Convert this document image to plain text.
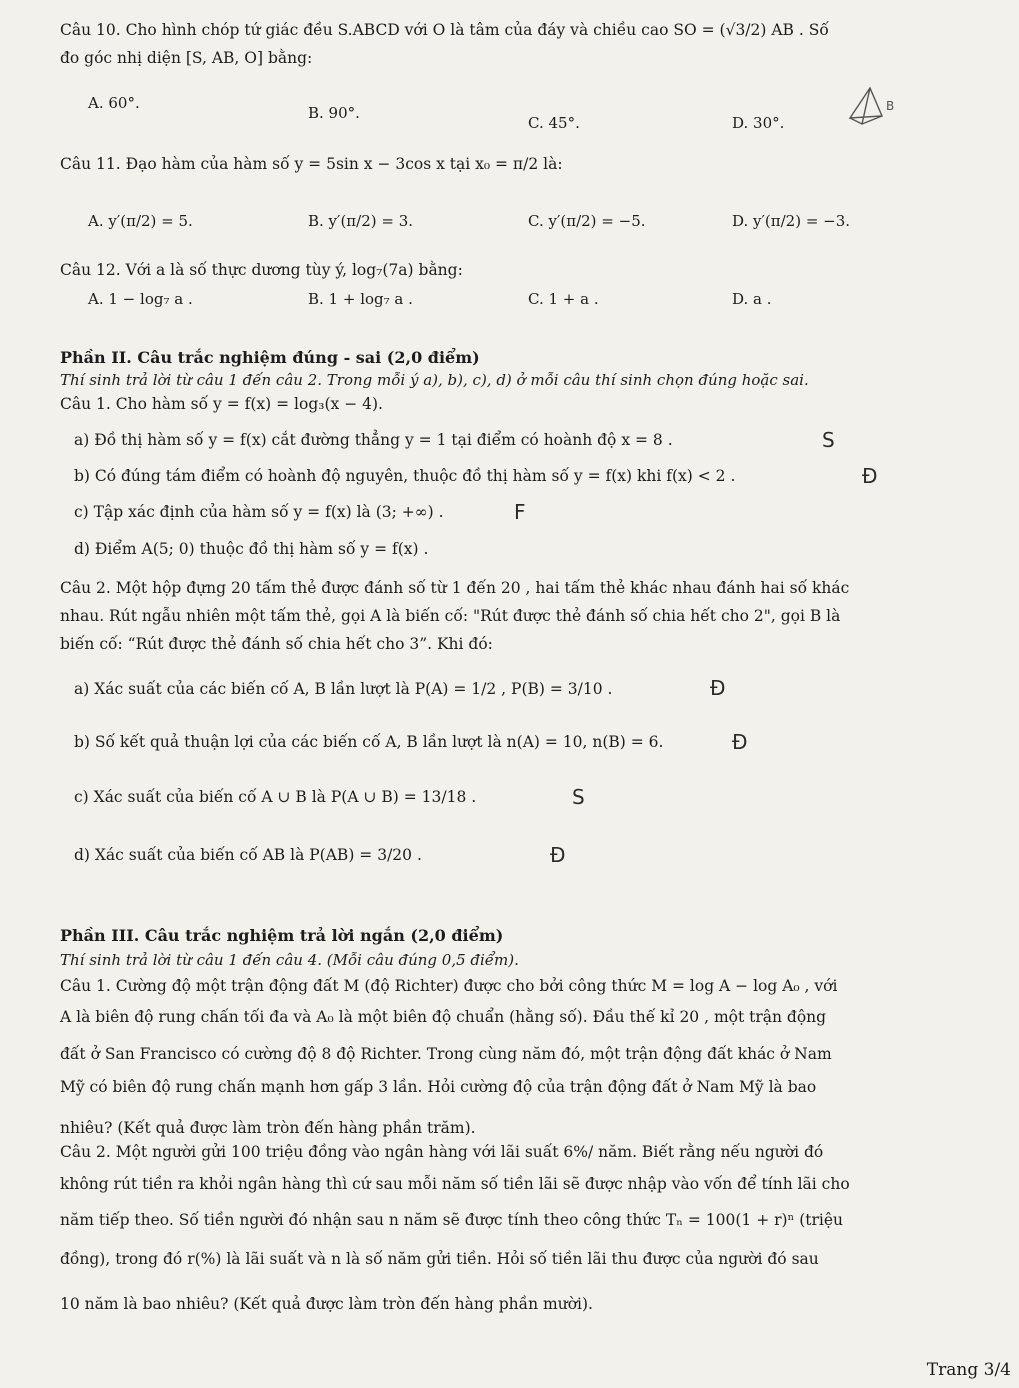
Câu 10. Cho hình chóp tứ giác đều S.ABCD với O là tâm của đáy và chiều cao SO = (√3/2) AB . Số
đo góc nhị diện [S, AB, O] bằng:
A. 60°.
B. 90°.
C. 45°.	D. 30°.
B
Câu 11. Đạo hàm của hàm số y = 5sin x − 3cos x tại x₀ = π/2 là:
A. y′(π/2) = 5.	B. y′(π/2) = 3.	C. y′(π/2) = −5.	D. y′(π/2) = −3.
Câu 12. Với a là số thực dương tùy ý, log₇(7a) bằng:
A. 1 − log₇ a .	B. 1 + log₇ a .	C. 1 + a .	D. a .
Phần II. Câu trắc nghiệm đúng - sai (2,0 điểm)
Thí sinh trả lời từ câu 1 đến câu 2. Trong mỗi ý a), b), c), d) ở mỗi câu thí sinh chọn đúng hoặc sai.
Câu 1. Cho hàm số y = f(x) = log₃(x − 4).
a) Đồ thị hàm số y = f(x) cắt đường thẳng y = 1 tại điểm có hoành độ x = 8 .	S
b) Có đúng tám điểm có hoành độ nguyên, thuộc đồ thị hàm số y = f(x) khi f(x) < 2 .	Đ
c) Tập xác định của hàm số y = f(x) là (3; +∞) .	F
d) Điểm A(5; 0) thuộc đồ thị hàm số y = f(x) .
Câu 2. Một hộp đựng 20 tấm thẻ được đánh số từ 1 đến 20 , hai tấm thẻ khác nhau đánh hai số khác
nhau. Rút ngẫu nhiên một tấm thẻ, gọi A là biến cố: "Rút được thẻ đánh số chia hết cho 2", gọi B là
biến cố: “Rút được thẻ đánh số chia hết cho 3”. Khi đó:
a) Xác suất của các biến cố A, B lần lượt là P(A) = 1/2 , P(B) = 3/10 .	Đ
b) Số kết quả thuận lợi của các biến cố A, B lần lượt là n(A) = 10, n(B) = 6.	Đ
c) Xác suất của biến cố A ∪ B là P(A ∪ B) = 13/18 .	S
d) Xác suất của biến cố AB là P(AB) = 3/20 .	Đ
Phần III. Câu trắc nghiệm trả lời ngắn (2,0 điểm)
Thí sinh trả lời từ câu 1 đến câu 4. (Mỗi câu đúng 0,5 điểm).
Câu 1. Cường độ một trận động đất M (độ Richter) được cho bởi công thức M = log A − log A₀ , với
A là biên độ rung chấn tối đa và A₀ là một biên độ chuẩn (hằng số). Đầu thế kỉ 20 , một trận động
đất ở San Francisco có cường độ 8 độ Richter. Trong cùng năm đó, một trận động đất khác ở Nam
Mỹ có biên độ rung chấn mạnh hơn gấp 3 lần. Hỏi cường độ của trận động đất ở Nam Mỹ là bao
nhiêu? (Kết quả được làm tròn đến hàng phần trăm).
Câu 2. Một người gửi 100 triệu đồng vào ngân hàng với lãi suất 6%/ năm. Biết rằng nếu người đó
không rút tiền ra khỏi ngân hàng thì cứ sau mỗi năm số tiền lãi sẽ được nhập vào vốn để tính lãi cho
năm tiếp theo. Số tiền người đó nhận sau n năm sẽ được tính theo công thức Tₙ = 100(1 + r)ⁿ (triệu
đồng), trong đó r(%) là lãi suất và n là số năm gửi tiền. Hỏi số tiền lãi thu được của người đó sau
10 năm là bao nhiêu? (Kết quả được làm tròn đến hàng phần mười).
Trang 3/4
